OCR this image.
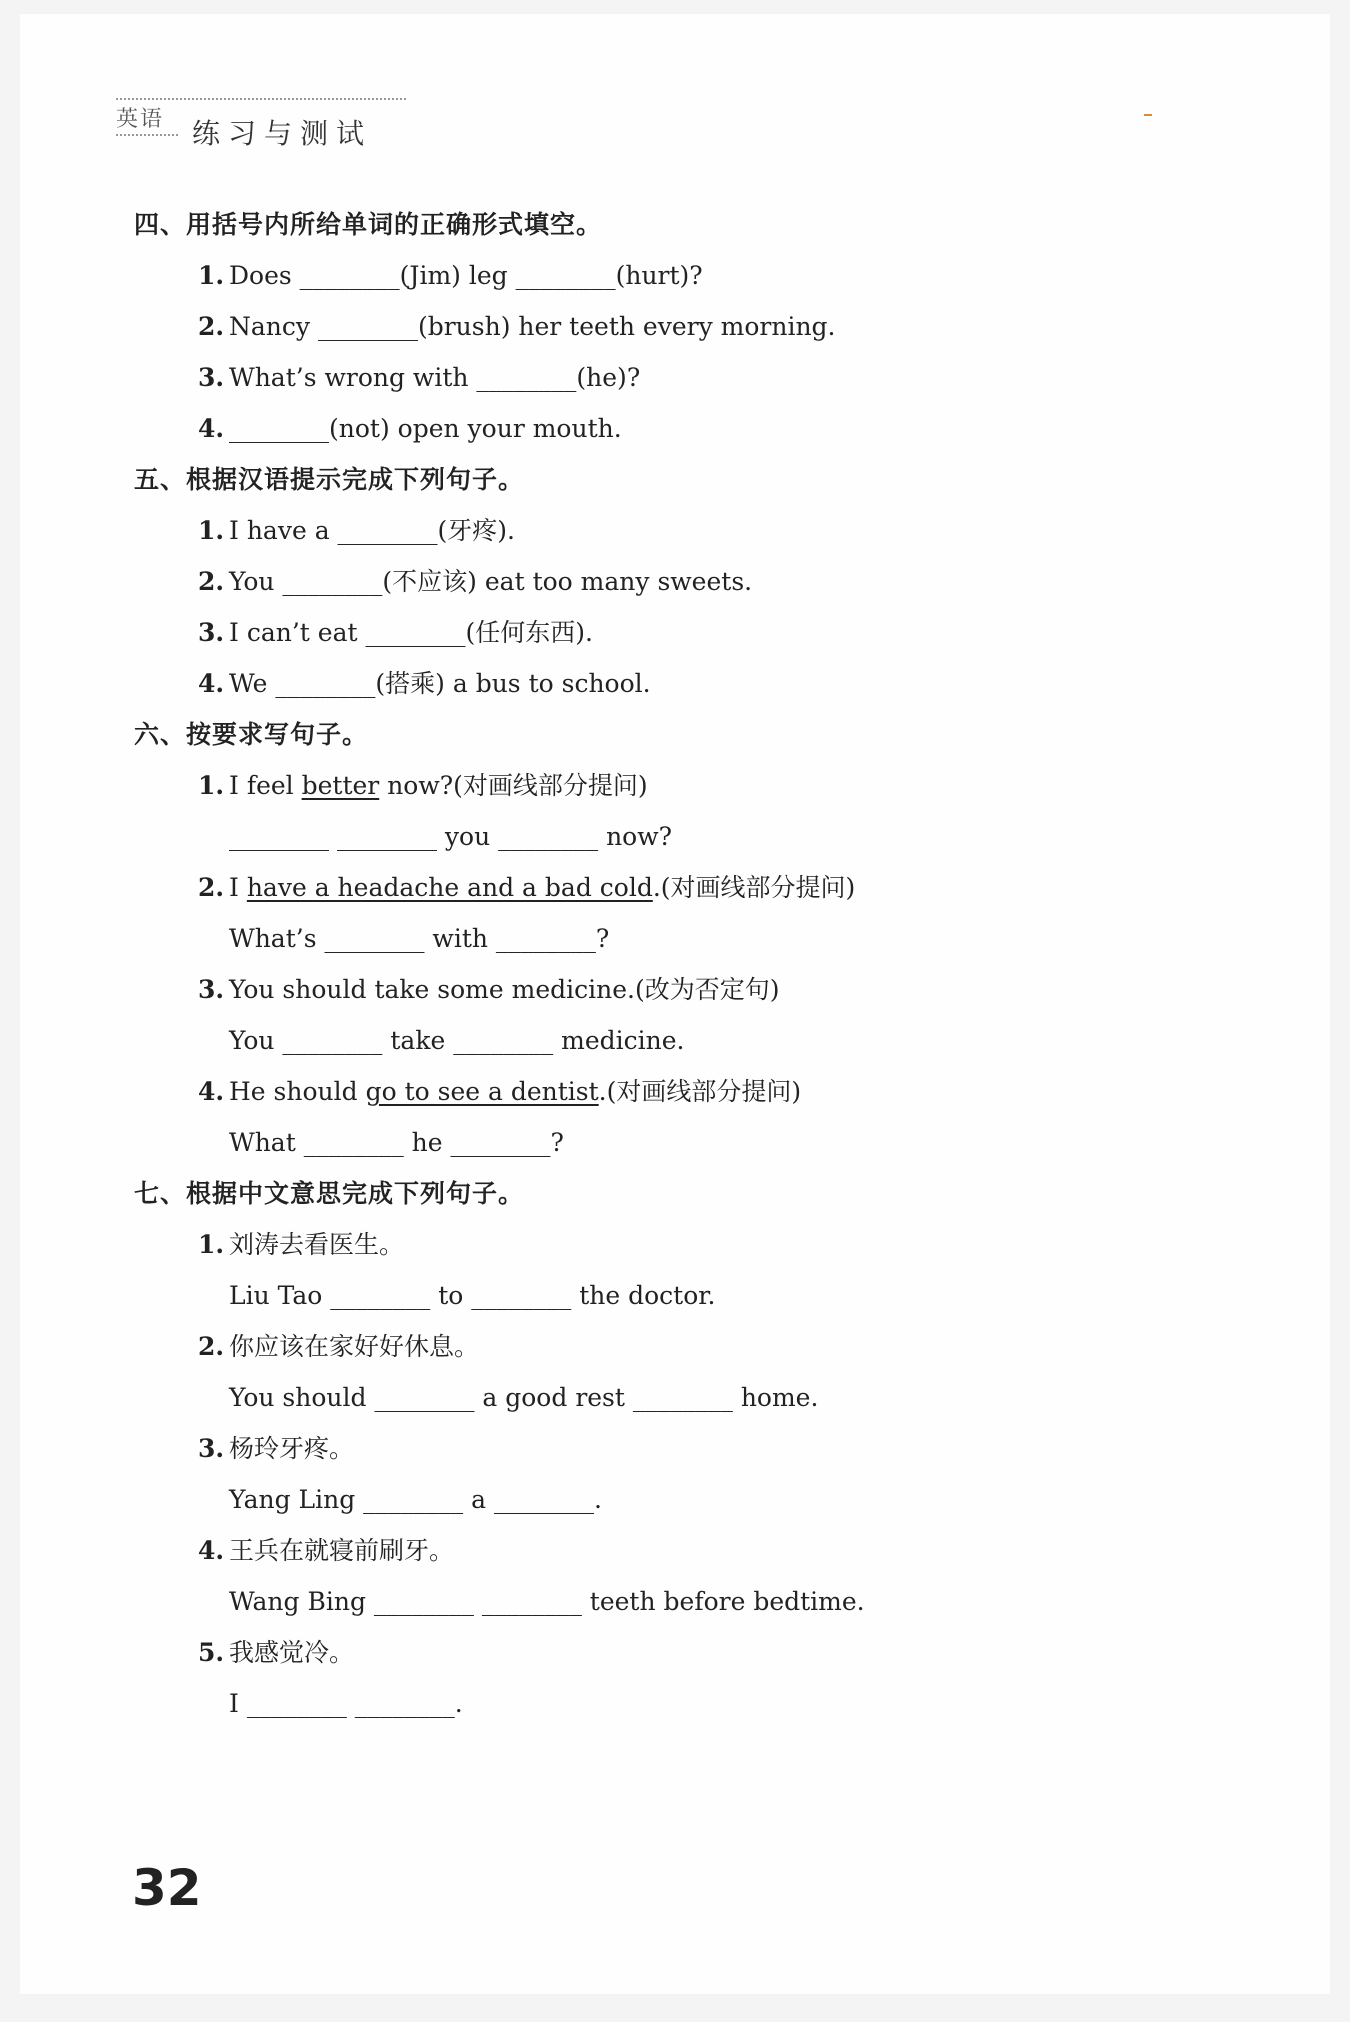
英语 练习与测试
四、用括号内所给单词的正确形式填空。
1. Does ________(Jim) leg ________(hurt)?
2. Nancy ________(brush) her teeth every morning.
3. What’s wrong with ________(he)?
4. ________(not) open your mouth.
五、根据汉语提示完成下列句子。
1. I have a ________(牙疼).
2. You ________(不应该) eat too many sweets.
3. I can’t eat ________(任何东西).
4. We ________(搭乘) a bus to school.
六、按要求写句子。
1. I feel better now?(对画线部分提问)
________ ________ you ________ now?
2. I have a headache and a bad cold.(对画线部分提问)
What’s ________ with ________?
3. You should take some medicine.(改为否定句)
You ________ take ________ medicine.
4. He should go to see a dentist.(对画线部分提问)
What ________ he ________?
七、根据中文意思完成下列句子。
1. 刘涛去看医生。
Liu Tao ________ to ________ the doctor.
2. 你应该在家好好休息。
You should ________ a good rest ________ home.
3. 杨玲牙疼。
Yang Ling ________ a ________.
4. 王兵在就寝前刷牙。
Wang Bing ________ ________ teeth before bedtime.
5. 我感觉冷。
I ________ ________.
32
